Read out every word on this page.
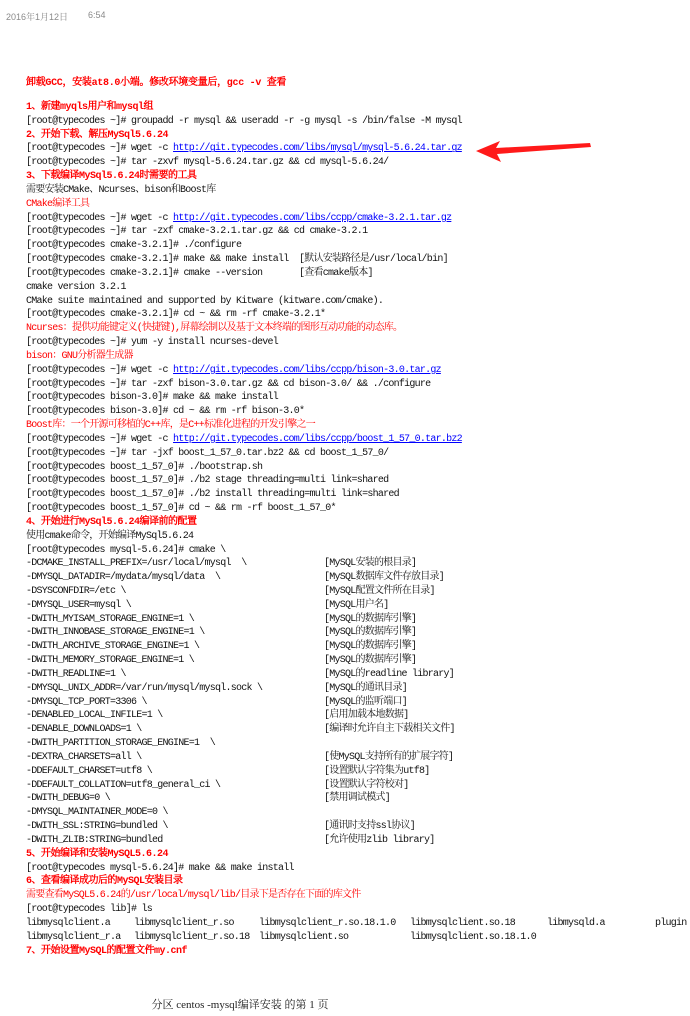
2016年1月12日 6:54
卸载GCC，安装at8.0小端。修改环境变量后，gcc -v 查看
1、新建myqls用户和mysql组
[root@typecodes ~]# groupadd -r mysql && useradd -r -g mysql -s /bin/false -M mysql
2、开始下载、解压MySql5.6.24
[root@typecodes ~]# wget -c http://git.typecodes.com/libs/mysql/mysql-5.6.24.tar.gz
[root@typecodes ~]# tar -zxvf mysql-5.6.24.tar.gz && cd mysql-5.6.24/
3、下载编译MySql5.6.24时需要的工具
需要安装CMake、Ncurses、bison和Boost库
CMake编译工具
[root@typecodes ~]# wget -c http://git.typecodes.com/libs/ccpp/cmake-3.2.1.tar.gz
[root@typecodes ~]# tar -zxf cmake-3.2.1.tar.gz && cd cmake-3.2.1
[root@typecodes cmake-3.2.1]# ./configure
[root@typecodes cmake-3.2.1]# make && make install  [默认安装路径是/usr/local/bin]
[root@typecodes cmake-3.2.1]# cmake --version       [查看cmake版本]
cmake version 3.2.1
CMake suite maintained and supported by Kitware (kitware.com/cmake).
[root@typecodes cmake-3.2.1]# cd ~ && rm -rf cmake-3.2.1*
Ncurses：提供功能键定义(快捷键),屏幕绘制以及基于文本终端的图形互动功能的动态库。
[root@typecodes ~]# yum -y install ncurses-devel
bison：GNU分析器生成器
[root@typecodes ~]# wget -c http://git.typecodes.com/libs/ccpp/bison-3.0.tar.gz
[root@typecodes ~]# tar -zxf bison-3.0.tar.gz && cd bison-3.0/ && ./configure
[root@typecodes bison-3.0]# make && make install
[root@typecodes bison-3.0]# cd ~ && rm -rf bison-3.0*
Boost库：一个开源可移植的C++库，是C++标准化进程的开发引擎之一
[root@typecodes ~]# wget -c http://git.typecodes.com/libs/ccpp/boost_1_57_0.tar.bz2
[root@typecodes ~]# tar -jxf boost_1_57_0.tar.bz2 && cd boost_1_57_0/
[root@typecodes boost_1_57_0]# ./bootstrap.sh
[root@typecodes boost_1_57_0]# ./b2 stage threading=multi link=shared
[root@typecodes boost_1_57_0]# ./b2 install threading=multi link=shared
[root@typecodes boost_1_57_0]# cd ~ && rm -rf boost_1_57_0*
4、开始进行MySql5.6.24编译前的配置
使用cmake命令，开始编译MySql5.6.24
[root@typecodes mysql-5.6.24]# cmake \
-DCMAKE_INSTALL_PREFIX=/usr/local/mysql  \	[MySQL安装的根目录]
-DMYSQL_DATADIR=/mydata/mysql/data  \	[MySQL数据库文件存放目录]
-DSYSCONFDIR=/etc \	[MySQL配置文件所在目录]
-DMYSQL_USER=mysql \	[MySQL用户名]
-DWITH_MYISAM_STORAGE_ENGINE=1 \	[MySQL的数据库引擎]
-DWITH_INNOBASE_STORAGE_ENGINE=1 \	[MySQL的数据库引擎]
-DWITH_ARCHIVE_STORAGE_ENGINE=1 \	[MySQL的数据库引擎]
-DWITH_MEMORY_STORAGE_ENGINE=1 \	[MySQL的数据库引擎]
-DWITH_READLINE=1 \	[MySQL的readline library]
-DMYSQL_UNIX_ADDR=/var/run/mysql/mysql.sock \	[MySQL的通讯目录]
-DMYSQL_TCP_PORT=3306 \	[MySQL的监听端口]
-DENABLED_LOCAL_INFILE=1 \	[启用加载本地数据]
-DENABLE_DOWNLOADS=1 \	[编译时允许自主下载相关文件]
-DWITH_PARTITION_STORAGE_ENGINE=1  \
-DEXTRA_CHARSETS=all \	[使MySQL支持所有的扩展字符]
-DDEFAULT_CHARSET=utf8 \	[设置默认字符集为utf8]
-DDEFAULT_COLLATION=utf8_general_ci \	[设置默认字符校对]
-DWITH_DEBUG=0 \	[禁用调试模式]
-DMYSQL_MAINTAINER_MODE=0 \
-DWITH_SSL:STRING=bundled \	[通讯时支持ssl协议]
-DWITH_ZLIB:STRING=bundled	[允许使用zlib library]
5、开始编译和安装MySQL5.6.24
[root@typecodes mysql-5.6.24]# make && make install
6、查看编译成功后的MySQL安装目录
需要查看MySQL5.6.24的/usr/local/mysql/lib/目录下是否存在下面的库文件
[root@typecodes lib]# ls
libmysqlclient.a libmysqlclient_r.so	libmysqlclient_r.so.18.1.0 libmysqlclient.so.18	libmysqld.a	plugin
libmysqlclient_r.a libmysqlclient_r.so.18 libmysqlclient.so	libmysqlclient.so.18.1.0
7、开始设置MySQL的配置文件my.cnf
分区 centos -mysql编译安装 的第 1 页
